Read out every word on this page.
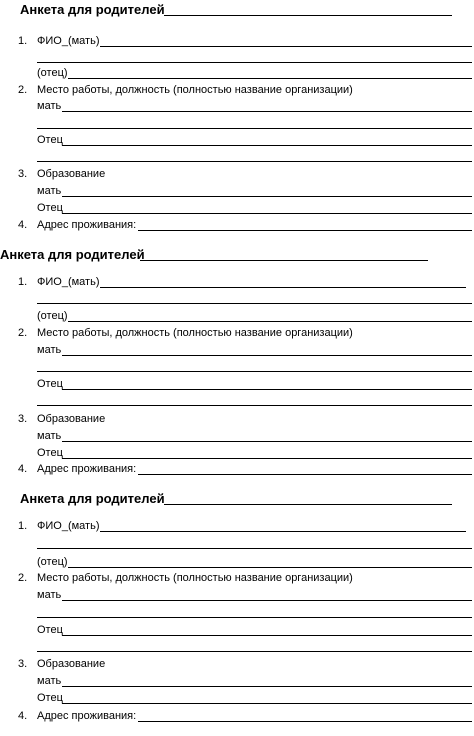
Анкета для родителей
1. ФИО_(мать)
(отец)
2. Место работы, должность (полностью название организации)
мать
Отец
3. Образование
мать
Отец
4. Адрес проживания:
Анкета для родителей
1. ФИО_(мать)
(отец)
2. Место работы, должность (полностью название организации)
мать
Отец
3. Образование
мать
Отец
4. Адрес проживания:
Анкета для родителей
1. ФИО_(мать)
(отец)
2. Место работы, должность (полностью название организации)
мать
Отец
3. Образование
мать
Отец
4. Адрес проживания:
